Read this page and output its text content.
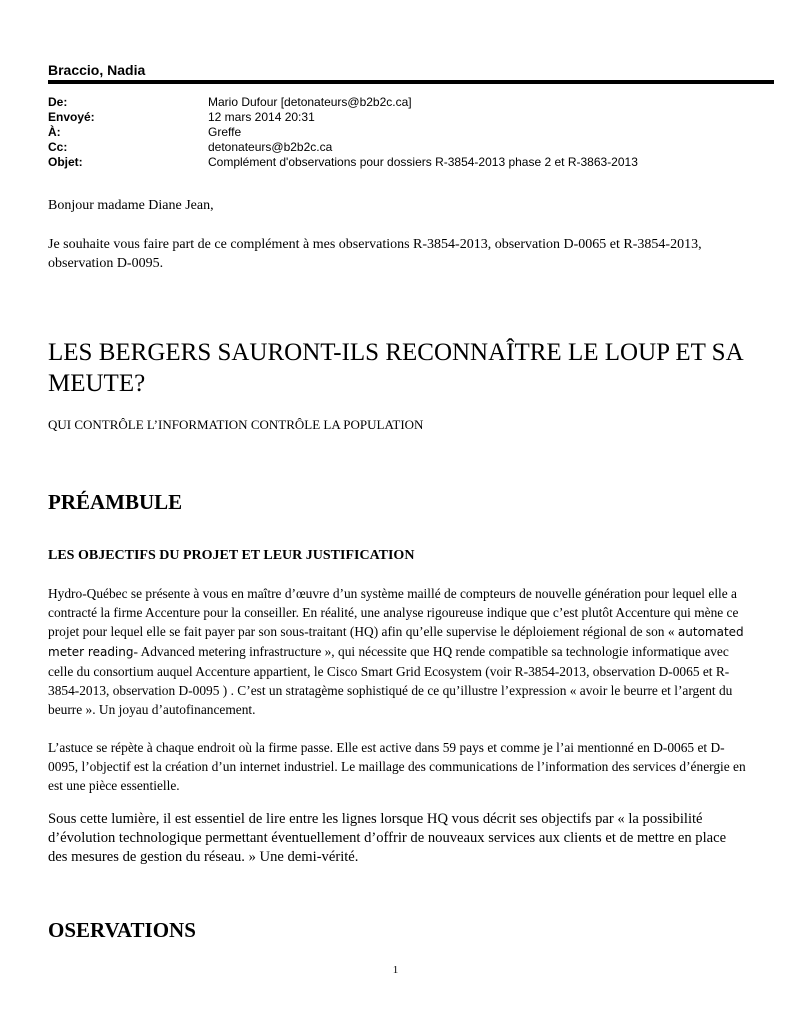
Braccio, Nadia
De:	Mario Dufour [detonateurs@b2b2c.ca]
Envoyé:	12 mars 2014 20:31
À:	Greffe
Cc:	detonateurs@b2b2c.ca
Objet:	Complément d'observations pour dossiers R-3854-2013 phase 2 et R-3863-2013
Bonjour madame Diane Jean,
Je souhaite vous faire part de ce complément à mes observations R-3854-2013, observation D-0065 et R-3854-2013, observation D-0095.
LES BERGERS SAURONT-ILS RECONNAÎTRE LE LOUP ET SA MEUTE?
QUI CONTRÔLE L’INFORMATION CONTRÔLE LA POPULATION
PRÉAMBULE
LES OBJECTIFS DU PROJET ET LEUR JUSTIFICATION
Hydro-Québec se présente à vous en maître d’œuvre d’un système maillé de compteurs de nouvelle génération pour lequel elle a contracté la firme Accenture pour la conseiller. En réalité, une analyse rigoureuse indique que c’est plutôt Accenture qui mène ce projet pour lequel elle se fait payer par son sous-traitant (HQ) afin qu’elle supervise le déploiement régional de son « automated meter reading- Advanced metering infrastructure », qui nécessite que HQ rende compatible sa technologie informatique avec celle du consortium auquel Accenture appartient, le Cisco Smart Grid Ecosystem (voir R-3854-2013, observation D-0065 et R-3854-2013, observation D-0095 ) . C’est un stratagème sophistiqué de ce qu’illustre l’expression « avoir le beurre et l’argent du beurre ». Un joyau d’autofinancement.
L’astuce se répète à chaque endroit où la firme passe. Elle est active dans 59 pays et comme je l’ai mentionné en D-0065 et D-0095, l’objectif est la création d’un internet industriel. Le maillage des communications de l’information des services d’énergie en est une pièce essentielle.
Sous cette lumière, il est essentiel de lire entre les lignes lorsque HQ vous décrit ses objectifs par « la possibilité d’évolution technologique permettant éventuellement d’offrir de nouveaux services aux clients et de mettre en place des mesures de gestion du réseau. » Une demi-vérité.
OSERVATIONS
1
